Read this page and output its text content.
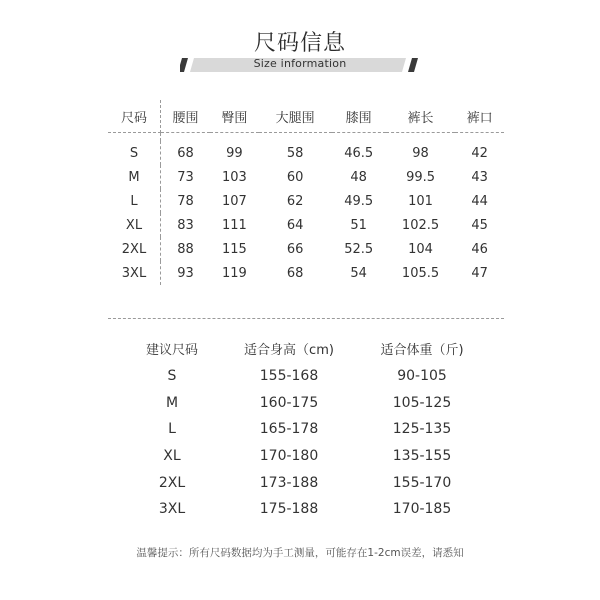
尺码信息
Size information
尺码	腰围	臀围	大腿围	膝围	裤长	裤口

S	68	99	58	46.5	98	42
M	73	103	60	48	99.5	43
L	78	107	62	49.5	101	44
XL	83	111	64	51	102.5	45
2XL	88	115	66	52.5	104	46
3XL	93	119	68	54	105.5	47
建议尺码	适合身高（cm)	适合体重（斤)
S	155-168	90-105
M	160-175	105-125
L	165-178	125-135
XL	170-180	135-155
2XL	173-188	155-170
3XL	175-188	170-185
温馨提示：所有尺码数据均为手工测量，可能存在1-2cm误差，请悉知
